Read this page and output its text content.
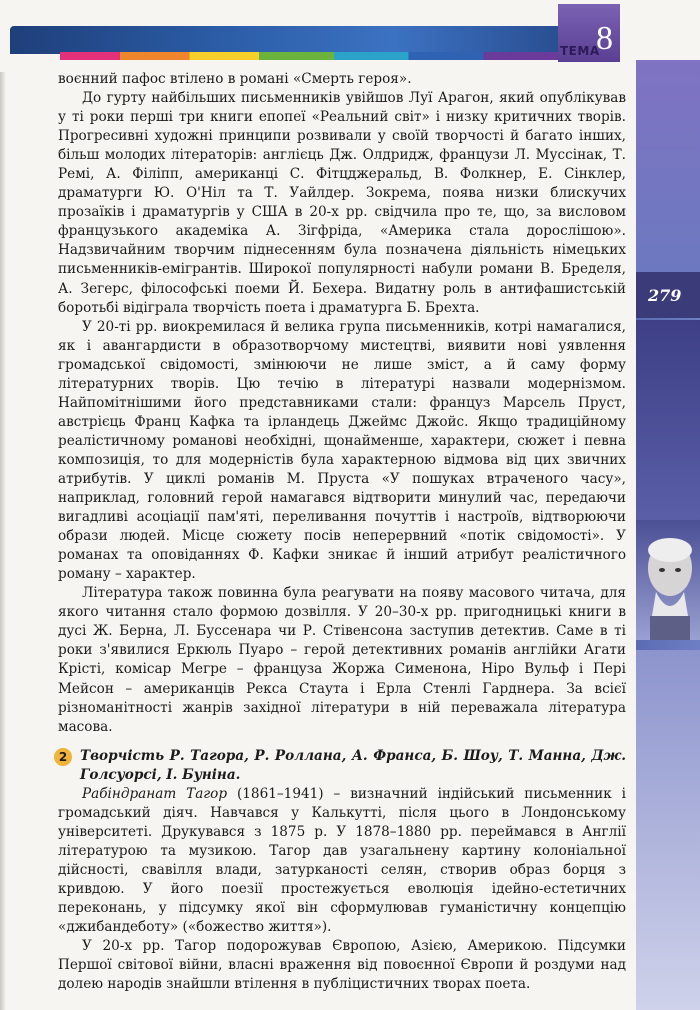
ТЕМА
8
279

воєнний пафос втілено в романі «Смерть героя».

До гурту найбільших письменників увійшов Луї Арагон, який опублікував у ті роки перші три книги епопеї «Реальний світ» і низку критичних творів. Прогресивні художні принципи розвивали у своїй творчості й багато інших, більш молодих літераторів: англієць Дж. Олдридж, французи Л. Муссінак, Т. Ремі, А. Філіпп, американці С. Фітцджеральд, В. Фолкнер, Е. Сінклер, драматурги Ю. О'Ніл та Т. Уайлдер. Зокрема, поява низки блискучих прозаїків і драматургів у США в 20-х рр. свідчила про те, що, за висловом французького академіка А. Зігфріда, «Америка стала дорослішою». Надзвичайним творчим піднесенням була позначена діяльність німецьких письменників-емігрантів. Широкої популярності набули романи В. Бределя, А. Зегерс, філософські поеми Й. Бехера. Видатну роль в антифашистській боротьбі відіграла творчість поета і драматурга Б. Брехта.

У 20-ті рр. виокремилася й велика група письменників, котрі намагалися, як і авангардисти в образотворчому мистецтві, виявити нові уявлення громадської свідомості, змінюючи не лише зміст, а й саму форму літературних творів. Цю течію в літературі назвали модернізмом. Найпомітнішими його представниками стали: француз Марсель Пруст, австрієць Франц Кафка та ірландець Джеймс Джойс. Якщо традиційному реалістичному романові необхідні, щонайменше, характери, сюжет і певна композиція, то для модерністів була характерною відмова від цих звичних атрибутів. У циклі романів М. Пруста «У пошуках втраченого часу», наприклад, головний герой намагався відтворити минулий час, передаючи вигадливі асоціації пам'яті, переливання почуттів і настроїв, відтворюючи образи людей. Місце сюжету посів неперервний «потік свідомості». У романах та оповіданнях Ф. Кафки зникає й інший атрибут реалістичного роману – характер.

Література також повинна була реагувати на появу масового читача, для якого читання стало формою дозвілля. У 20–30-х рр. пригодницькі книги в дусі Ж. Берна, Л. Буссенара чи Р. Стівенсона заступив детектив. Саме в ті роки з'явилися Еркюль Пуаро – герой детективних романів англійки Агати Крісті, комісар Мегре – француза Жоржа Сименона, Ніро Вульф і Пері Мейсон – американців Рекса Стаута і Ерла Стенлі Гарднера. За всієї різноманітності жанрів західної літератури в ній переважала література масова.

2 Творчість Р. Тагора, Р. Роллана, А. Франса, Б. Шоу, Т. Манна, Дж. Голсуорсі, І. Буніна.

Рабіндранат Тагор (1861–1941) – визначний індійський письменник і громадський діяч. Навчався у Калькутті, після цього в Лондонському університеті. Друкувався з 1875 р. У 1878–1880 рр. переймався в Англії літературою та музикою. Тагор дав узагальнену картину колоніальної дійсності, свавілля влади, затурканості селян, створив образ борця з кривдою. У його поезії простежується еволюція ідейно-естетичних переконань, у підсумку якої він сформулював гуманістичну концепцію «джибандеботу» («божество життя»).

У 20-х рр. Тагор подорожував Європою, Азією, Америкою. Підсумки Першої світової війни, власні враження від повоєнної Європи й роздуми над долею народів знайшли втілення в публіцистичних творах поета.
